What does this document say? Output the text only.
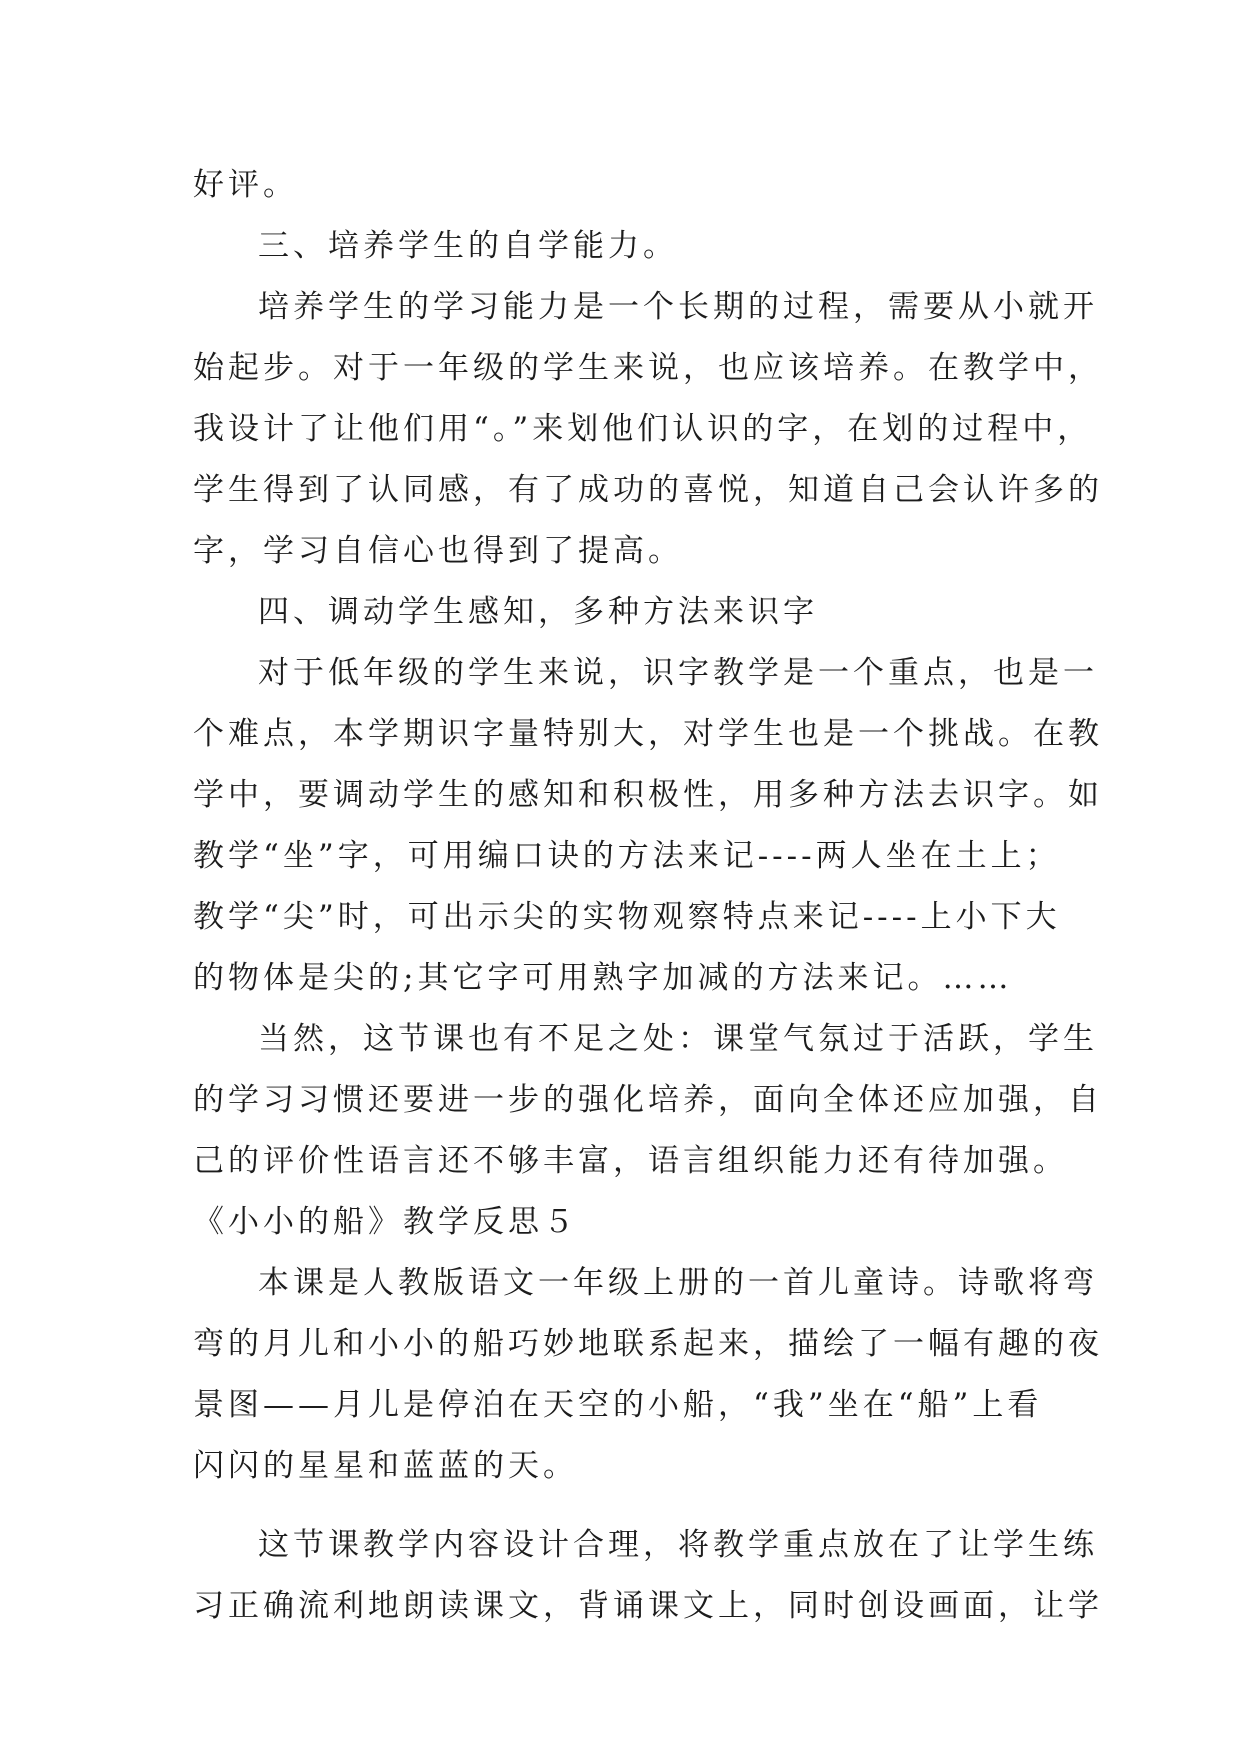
好评。

三、培养学生的自学能力。

培养学生的学习能力是一个长期的过程，需要从小就开

始起步。对于一年级的学生来说，也应该培养。在教学中，

我设计了让他们用“。”来划他们认识的字，在划的过程中，

学生得到了认同感，有了成功的喜悦，知道自己会认许多的

字，学习自信心也得到了提高。

四、调动学生感知，多种方法来识字

对于低年级的学生来说，识字教学是一个重点，也是一

个难点，本学期识字量特别大，对学生也是一个挑战。在教

学中，要调动学生的感知和积极性，用多种方法去识字。如

教学“坐”字，可用编口诀的方法来记----两人坐在土上；

教学“尖”时，可出示尖的实物观察特点来记----上小下大

的物体是尖的;其它字可用熟字加减的方法来记。……

当然，这节课也有不足之处：课堂气氛过于活跃，学生

的学习习惯还要进一步的强化培养，面向全体还应加强，自

己的评价性语言还不够丰富，语言组织能力还有待加强。

《小小的船》教学反思５

本课是人教版语文一年级上册的一首儿童诗。诗歌将弯

弯的月儿和小小的船巧妙地联系起来，描绘了一幅有趣的夜

景图——月儿是停泊在天空的小船，“我”坐在“船”上看

闪闪的星星和蓝蓝的天。

这节课教学内容设计合理，将教学重点放在了让学生练

习正确流利地朗读课文，背诵课文上，同时创设画面，让学
